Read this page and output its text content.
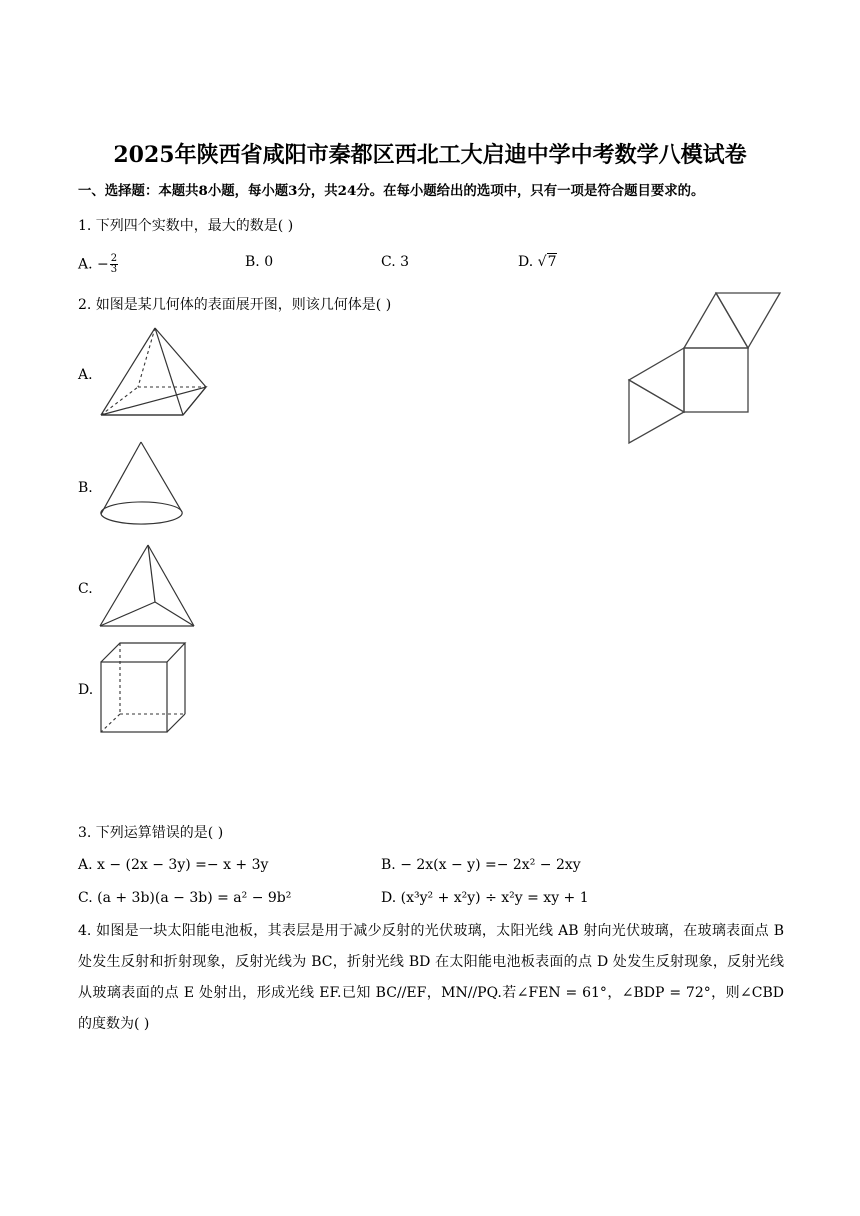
2025年陕西省咸阳市秦都区西北工大启迪中学中考数学八模试卷
一、选择题：本题共8小题，每小题3分，共24分。在每小题给出的选项中，只有一项是符合题目要求的。
1. 下列四个实数中，最大的数是( )
A. − $\frac{2}{3}$	B. 0	C. 3	D. √7
2. 如图是某几何体的表面展开图，则该几何体是( )
A.
B.
C.
D.
3. 下列运算错误的是( )
A. x − (2x − 3y) =− x + 3y	B. − 2x(x − y) =− 2x² − 2xy
C. (a + 3b)(a − 3b) = a² − 9b²	D. (x³y² + x²y) ÷ x²y = xy + 1
4. 如图是一块太阳能电池板，其表层是用于减少反射的光伏玻璃，太阳光线 AB 射向光伏玻璃，在玻璃表面点 B 处发生反射和折射现象，反射光线为 BC，折射光线 BD 在太阳能电池板表面的点 D 处发生反射现象，反射光线从玻璃表面的点 E 处射出，形成光线 EF.已知 BC//EF，MN//PQ.若∠FEN = 61°，∠BDP = 72°，则∠CBD 的度数为( )
